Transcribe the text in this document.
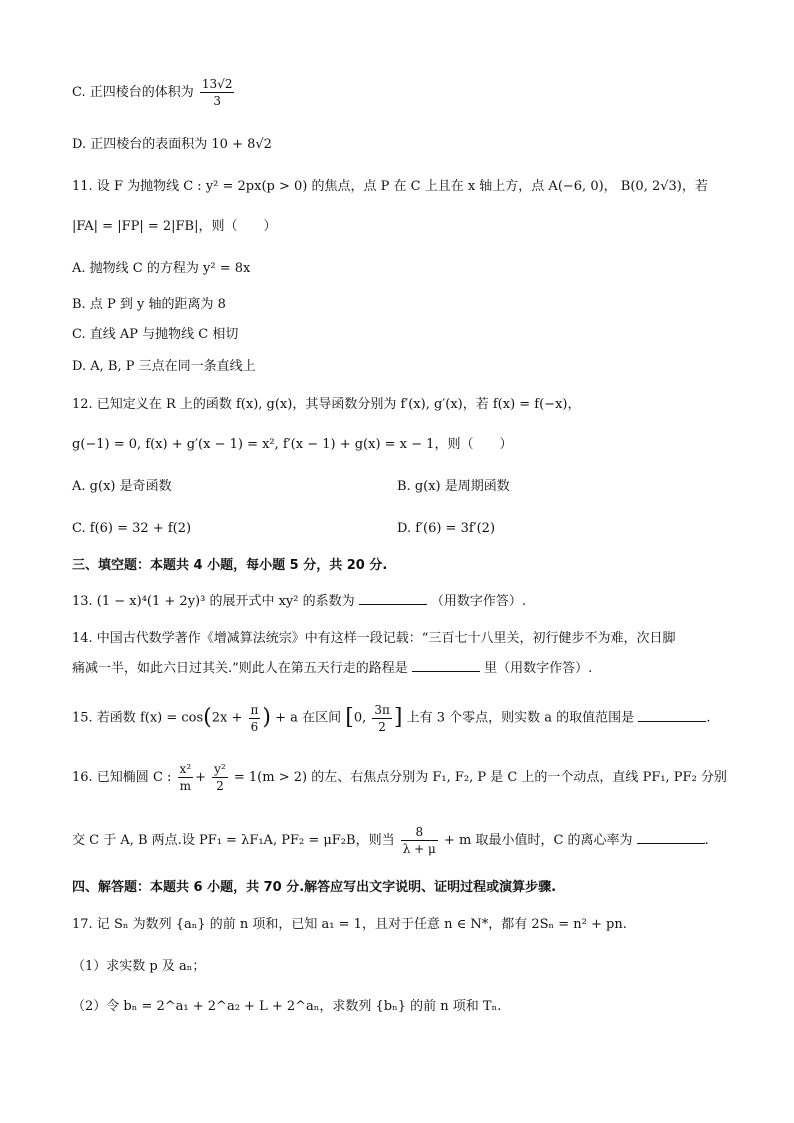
C. 正四棱台的体积为 $\frac{13√2}{3}$
D. 正四棱台的表面积为 10 + 8√2
11. 设 F 为抛物线 C : y² = 2px(p > 0) 的焦点，点 P 在 C 上且在 x 轴上方，点 A(−6, 0)， B(0, 2√3)，若
|FA| = |FP| = 2|FB|，则（　　）
A. 抛物线 C 的方程为 y² = 8x
B. 点 P 到 y 轴的距离为 8
C. 直线 AP 与抛物线 C 相切
D. A, B, P 三点在同一条直线上
12. 已知定义在 R 上的函数 f(x), g(x)，其导函数分别为 f′(x), g′(x)，若 f(x) = f(−x)，
g(−1) = 0, f(x) + g′(x − 1) = x², f′(x − 1) + g(x) = x − 1，则（　　）
A. g(x) 是奇函数	B. g(x) 是周期函数
C. f(6) = 32 + f(2)	D. f′(6) = 3f′(2)
三、填空题：本题共 4 小题，每小题 5 分，共 20 分.
13. (1 − x)⁴(1 + 2y)³ 的展开式中 xy² 的系数为	（用数字作答）.
14. 中国古代数学著作《增减算法统宗》中有这样一段记载：“三百七十八里关，初行健步不为难，次日脚
痛减一半，如此六日过其关.”则此人在第五天行走的路程是	里（用数字作答）.
15. 若函数 $f(x) = \cos(2x + \frac{\pi}{6}$ ) + a 在区间 [0, $\frac{3\pi}{2}$ ] 上有 3 个零点，则实数 a 的取值范围是	.
16. 已知椭圆 C : $\frac{\text{x²}}{m} + \frac{\text{y²}}{2} = 1(m > 2)$ 的左、右焦点分别为 F₁, F₂, P 是 C 上的一个动点，直线 PF₁, PF₂ 分别
交 C 于 A, B 两点.设 PF₁ = λF₁A, PF₂ = μF₂B，则当 $\frac{8}{\lambda + \mu} + m$ 取最小值时，C 的离心率为	.
四、解答题：本题共 6 小题，共 70 分.解答应写出文字说明、证明过程或演算步骤.
17. 记 Sₙ 为数列 {aₙ} 的前 n 项和，已知 a₁ = 1，且对于任意 n ∈ N*，都有 2Sₙ = n² + pn.
（1）求实数 p 及 aₙ；
（2）令 bₙ = 2^a₁ + 2^a₂ + L + 2^aₙ，求数列 {bₙ} 的前 n 项和 Tₙ.
